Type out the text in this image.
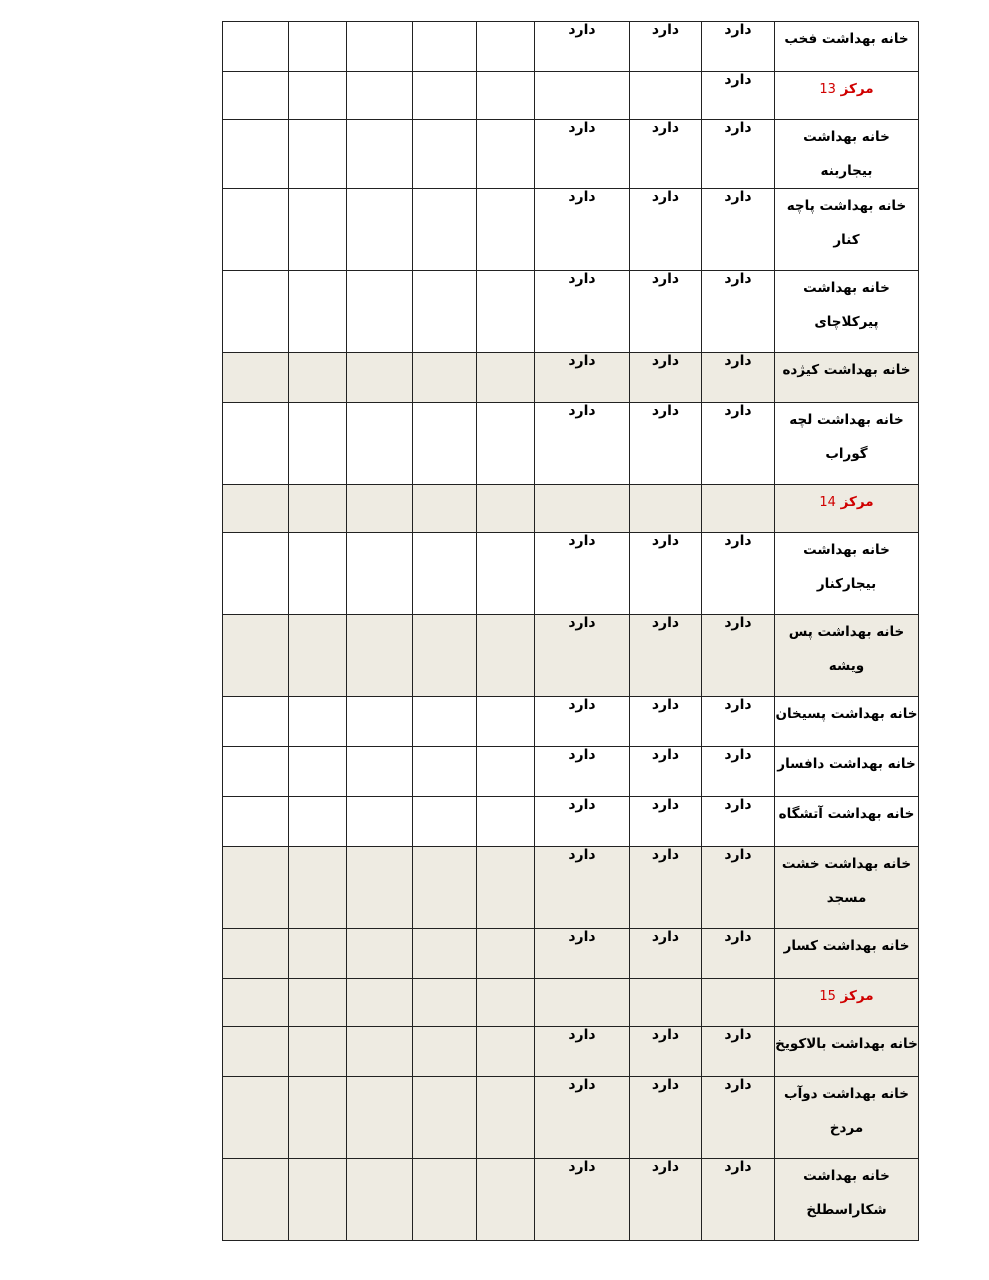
					دارد	دارد	دارد	خانه بهداشت فخب

							دارد	مرکز 13
					دارد	دارد	دارد	خانه بهداشت بیجاربنه

					دارد	دارد	دارد	خانه بهداشت پاچه
کنار

					دارد	دارد	دارد	خانه بهداشت
پیرکلاچای

					دارد	دارد	دارد	خانه بهداشت کیژده

					دارد	دارد	دارد	خانه بهداشت لچه
گوراب

								مرکز 14
					دارد	دارد	دارد	خانه بهداشت
بیجارکنار

					دارد	دارد	دارد	خانه بهداشت پس
ویشه

					دارد	دارد	دارد	خانه بهداشت پسیخان

					دارد	دارد	دارد	خانه بهداشت دافسار

					دارد	دارد	دارد	خانه بهداشت آتشگاه

					دارد	دارد	دارد	خانه بهداشت خشت
مسجد

					دارد	دارد	دارد	خانه بهداشت کسار

								مرکز 15
					دارد	دارد	دارد	خانه بهداشت بالاکویخ

					دارد	دارد	دارد	خانه بهداشت دوآب
مردخ

					دارد	دارد	دارد	خانه بهداشت
شکاراسطلخ
